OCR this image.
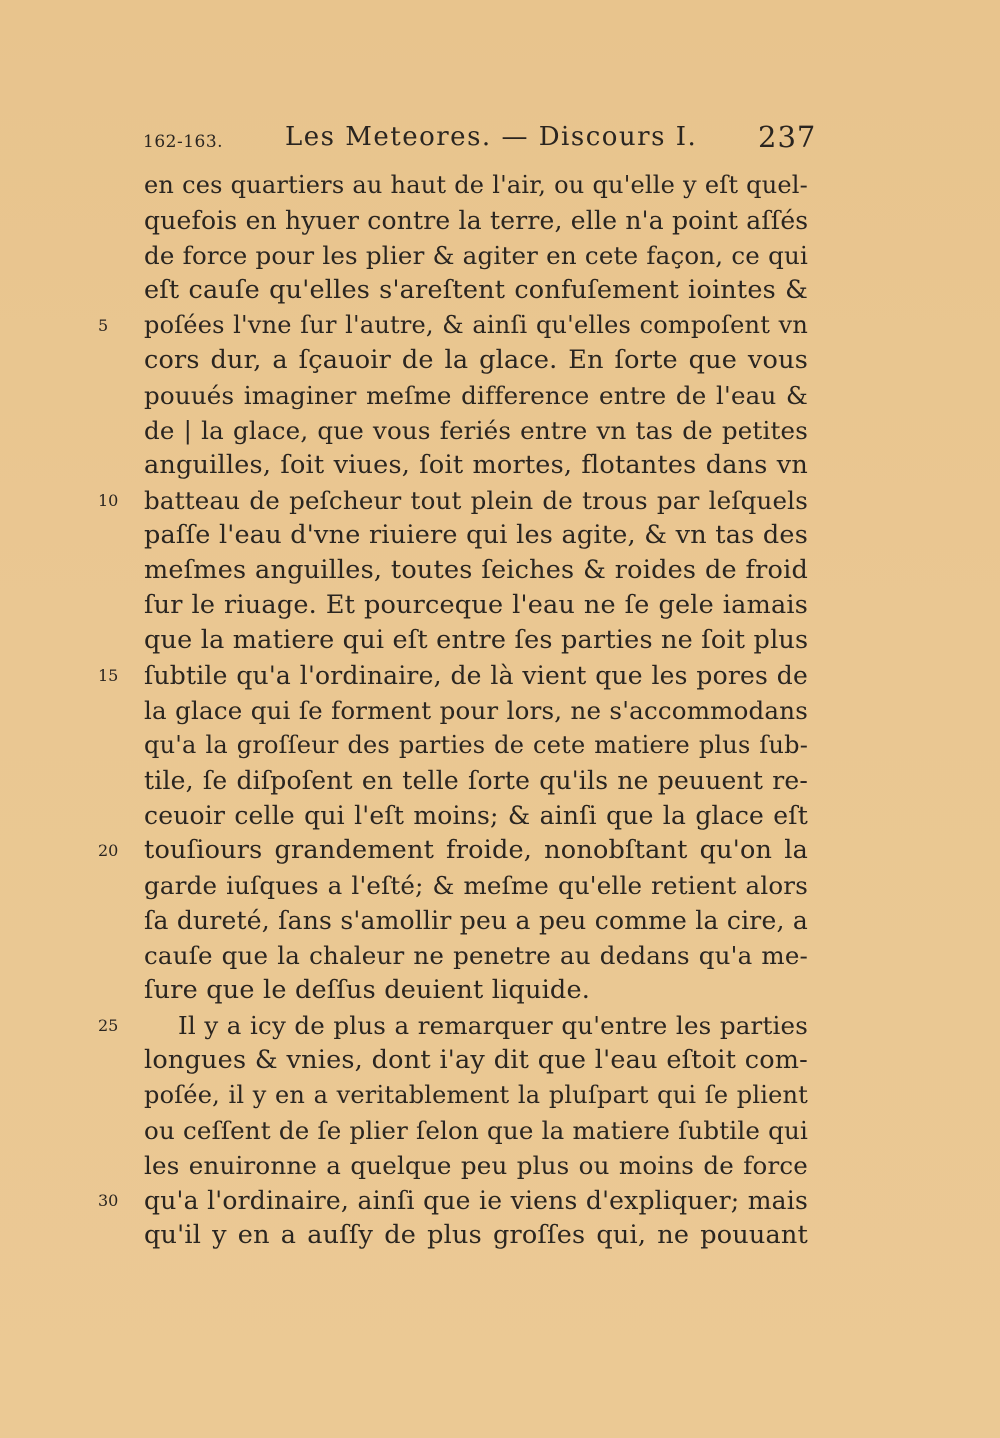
162-163. Les Meteores. — Discours I. 237
en ces quartiers au haut de l'air, ou qu'elle y eſt quel-
quefois en hyuer contre la terre, elle n'a point aſſés
de force pour les plier & agiter en cete façon, ce qui
eſt cauſe qu'elles s'areſtent confuſement iointes &
5	poſées l'vne ſur l'autre, & ainſi qu'elles compoſent vn
cors dur, a ſçauoir de la glace. En ſorte que vous
pouués imaginer meſme difference entre de l'eau &
de | la glace, que vous feriés entre vn tas de petites
anguilles, ſoit viues, ſoit mortes, flotantes dans vn
10	batteau de peſcheur tout plein de trous par leſquels
paſſe l'eau d'vne riuiere qui les agite, & vn tas des
meſmes anguilles, toutes ſeiches & roides de froid
ſur le riuage. Et pourceque l'eau ne ſe gele iamais
que la matiere qui eſt entre ſes parties ne ſoit plus
15	ſubtile qu'a l'ordinaire, de là vient que les pores de
la glace qui ſe forment pour lors, ne s'accommodans
qu'a la groſſeur des parties de cete matiere plus ſub-
tile, ſe diſpoſent en telle ſorte qu'ils ne peuuent re-
ceuoir celle qui l'eſt moins; & ainſi que la glace eſt
20	touſiours grandement froide, nonobſtant qu'on la
garde iuſques a l'eſté; & meſme qu'elle retient alors
ſa dureté, ſans s'amollir peu a peu comme la cire, a
cauſe que la chaleur ne penetre au dedans qu'a me-
ſure que le deſſus deuient liquide.
25	Il y a icy de plus a remarquer qu'entre les parties
longues & vnies, dont i'ay dit que l'eau eſtoit com-
poſée, il y en a veritablement la pluſpart qui ſe plient
ou ceſſent de ſe plier ſelon que la matiere ſubtile qui
les enuironne a quelque peu plus ou moins de force
30	qu'a l'ordinaire, ainſi que ie viens d'expliquer; mais
qu'il y en a auſſy de plus groſſes qui, ne pouuant
